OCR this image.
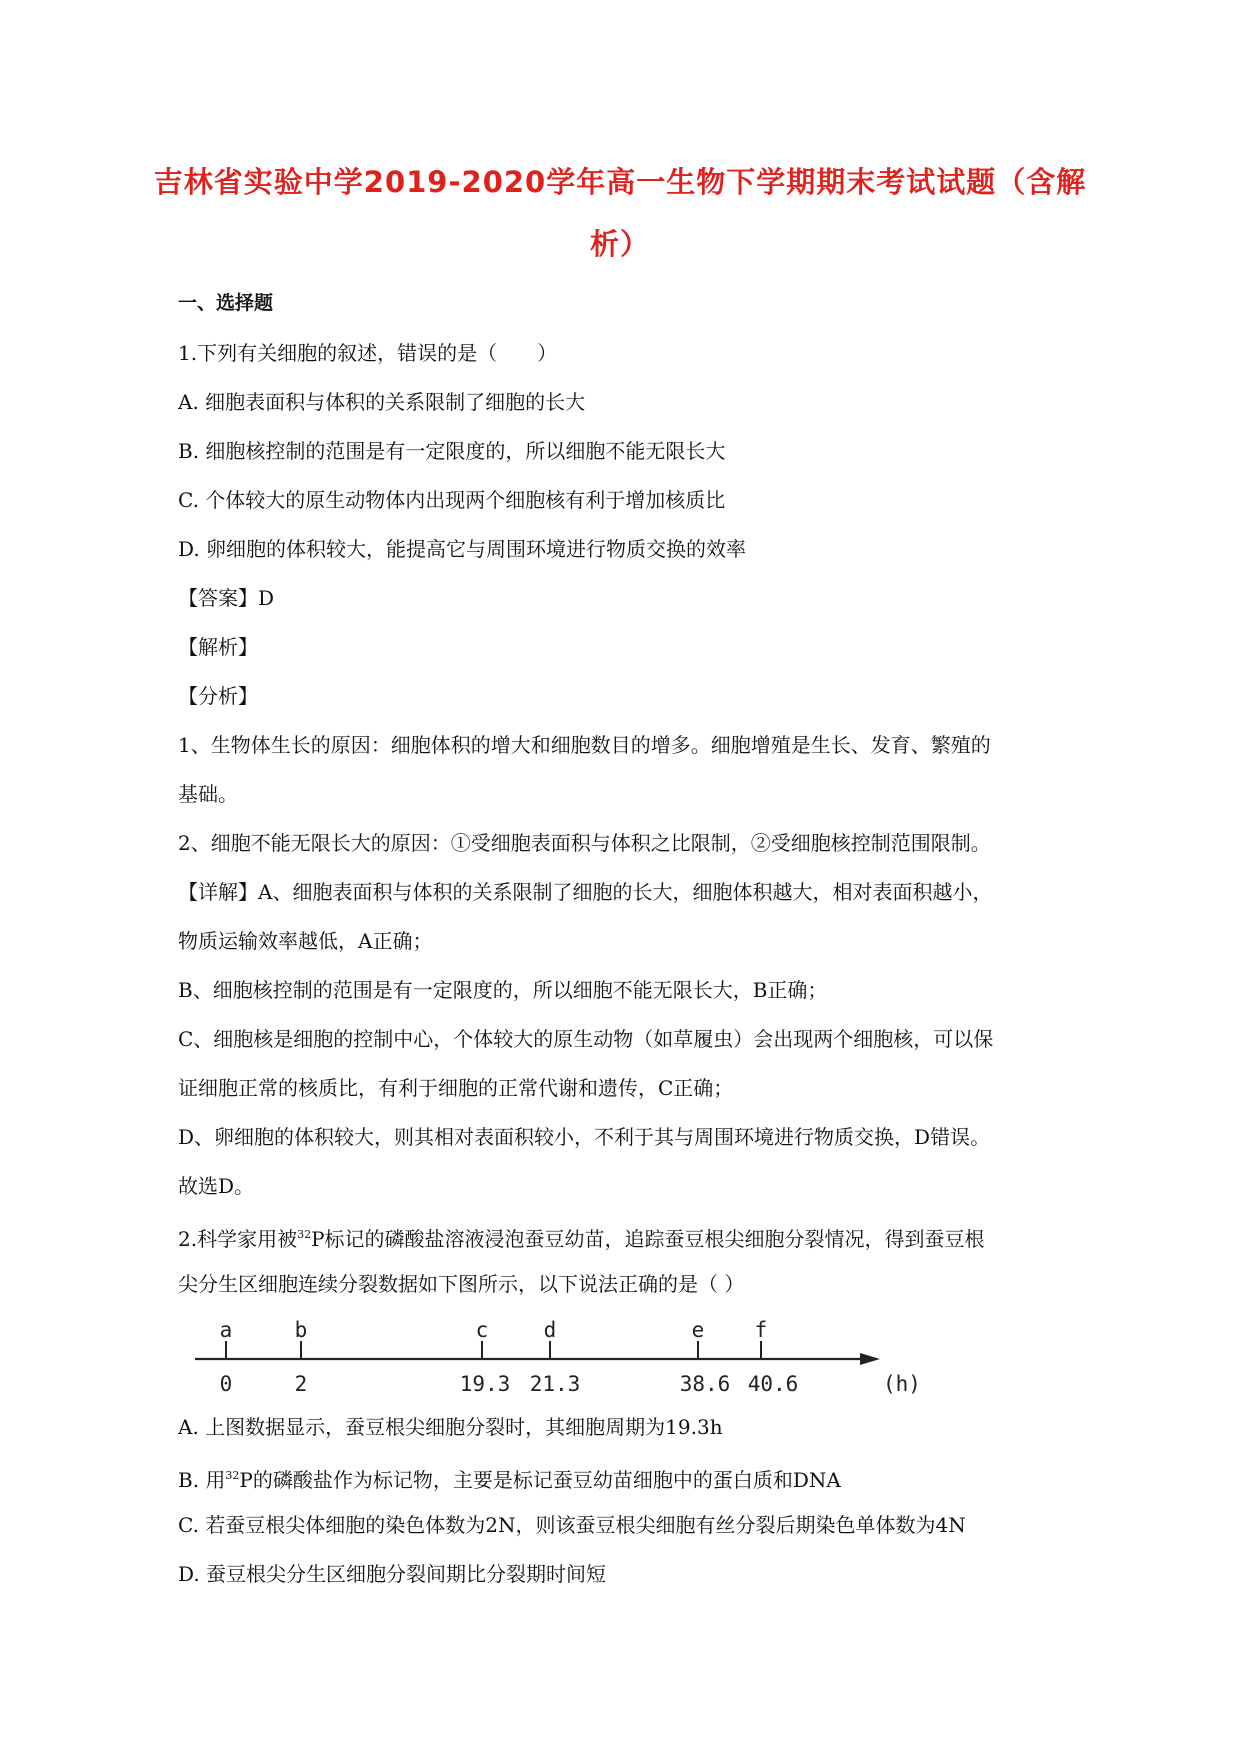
吉林省实验中学2019-2020学年高一生物下学期期末考试试题（含解
析）
一、选择题
1.下列有关细胞的叙述，错误的是（　　）
A. 细胞表面积与体积的关系限制了细胞的长大
B. 细胞核控制的范围是有一定限度的，所以细胞不能无限长大
C. 个体较大的原生动物体内出现两个细胞核有利于增加核质比
D. 卵细胞的体积较大，能提高它与周围环境进行物质交换的效率
【答案】D
【解析】
【分析】
1、生物体生长的原因：细胞体积的增大和细胞数目的增多。细胞增殖是生长、发育、繁殖的
基础。
2、细胞不能无限长大的原因：①受细胞表面积与体积之比限制，②受细胞核控制范围限制。
【详解】A、细胞表面积与体积的关系限制了细胞的长大，细胞体积越大，相对表面积越小，
物质运输效率越低，A正确；
B、细胞核控制的范围是有一定限度的，所以细胞不能无限长大，B正确；
C、细胞核是细胞的控制中心，个体较大的原生动物（如草履虫）会出现两个细胞核，可以保
证细胞正常的核质比，有利于细胞的正常代谢和遗传，C正确；
D、卵细胞的体积较大，则其相对表面积较小，不利于其与周围环境进行物质交换，D错误。
故选D。
2.科学家用被$^{32}$P标记的磷酸盐溶液浸泡蚕豆幼苗，追踪蚕豆根尖细胞分裂情况，得到蚕豆根
尖分生区细胞连续分裂数据如下图所示，以下说法正确的是（ ）
a
0
b
2
c
19.3
d
21.3
e
38.6
f
40.6	(h)
A. 上图数据显示，蚕豆根尖细胞分裂时，其细胞周期为19.3h
B. 用$^{32}$P的磷酸盐作为标记物，主要是标记蚕豆幼苗细胞中的蛋白质和DNA
C. 若蚕豆根尖体细胞的染色体数为2N，则该蚕豆根尖细胞有丝分裂后期染色单体数为4N
D. 蚕豆根尖分生区细胞分裂间期比分裂期时间短
